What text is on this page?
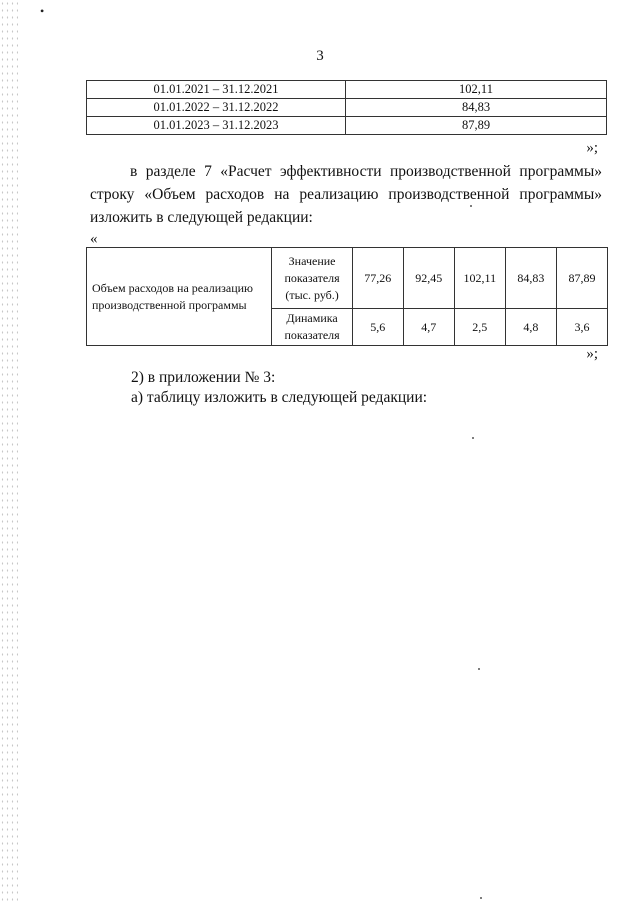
•
3
01.01.2021 – 31.12.2021	102,11
01.01.2022 – 31.12.2022	84,83
01.01.2023 – 31.12.2023	87,89
»;
в разделе 7 «Расчет эффективности производственной программы» строку «Объем расходов на реализацию производственной программы» изложить в следующей редакции:
«
Объем расходов на реализацию производственной программы	Значение показателя (тыс. руб.)	77,26	92,45	102,11	84,83	87,89
	Динамика показателя	5,6	4,7	2,5	4,8	3,6
»;
2) в приложении № 3:
а) таблицу изложить в следующей редакции:
